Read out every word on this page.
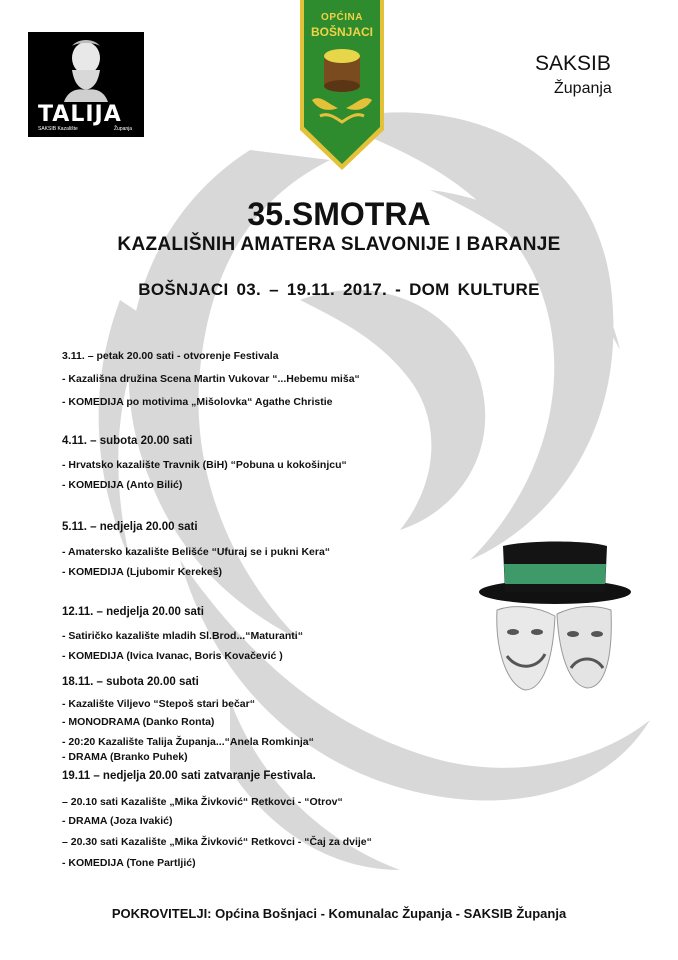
TALIJA
SAKSIB Kazalište	Županja
OPĆINA
BOŠNJACI
SAKSIB
Županja
35.SMOTRA
KAZALIŠNIH AMATERA SLAVONIJE I BARANJE
BOŠNJACI 03. – 19.11. 2017. - DOM KULTURE
3.11. – petak 20.00 sati - otvorenje Festivala
- Kazališna družina Scena Martin Vukovar “...Hebemu miša“
- KOMEDIJA po motivima „Mišolovka“ Agathe Christie
4.11. – subota 20.00 sati
- Hrvatsko kazalište Travnik (BiH) “Pobuna u kokošinjcu“
- KOMEDIJA (Anto Bilić)
5.11. – nedjelja 20.00 sati
- Amatersko kazalište Belišće “Ufuraj se i pukni Kera“
- KOMEDIJA (Ljubomir Kerekeš)
12.11. – nedjelja 20.00 sati
- Satiričko kazalište mladih Sl.Brod...“Maturanti“
- KOMEDIJA (Ivica Ivanac, Boris Kovačević )
18.11. – subota 20.00 sati
- Kazalište Viljevo “Stepoš stari bečar“
- MONODRAMA (Danko Ronta)
- 20:20 Kazalište Talija Županja...“Anela Romkinja“
- DRAMA (Branko Puhek)
19.11 – nedjelja 20.00 sati zatvaranje Festivala.
– 20.10 sati Kazalište „Mika Živković“ Retkovci - “Otrov“
- DRAMA (Joza Ivakić)
– 20.30 sati Kazalište „Mika Živković“ Retkovci - “Čaj za dvije“
- KOMEDIJA (Tone Partljić)
POKROVITELJI: Općina Bošnjaci - Komunalac Županja - SAKSIB Županja
